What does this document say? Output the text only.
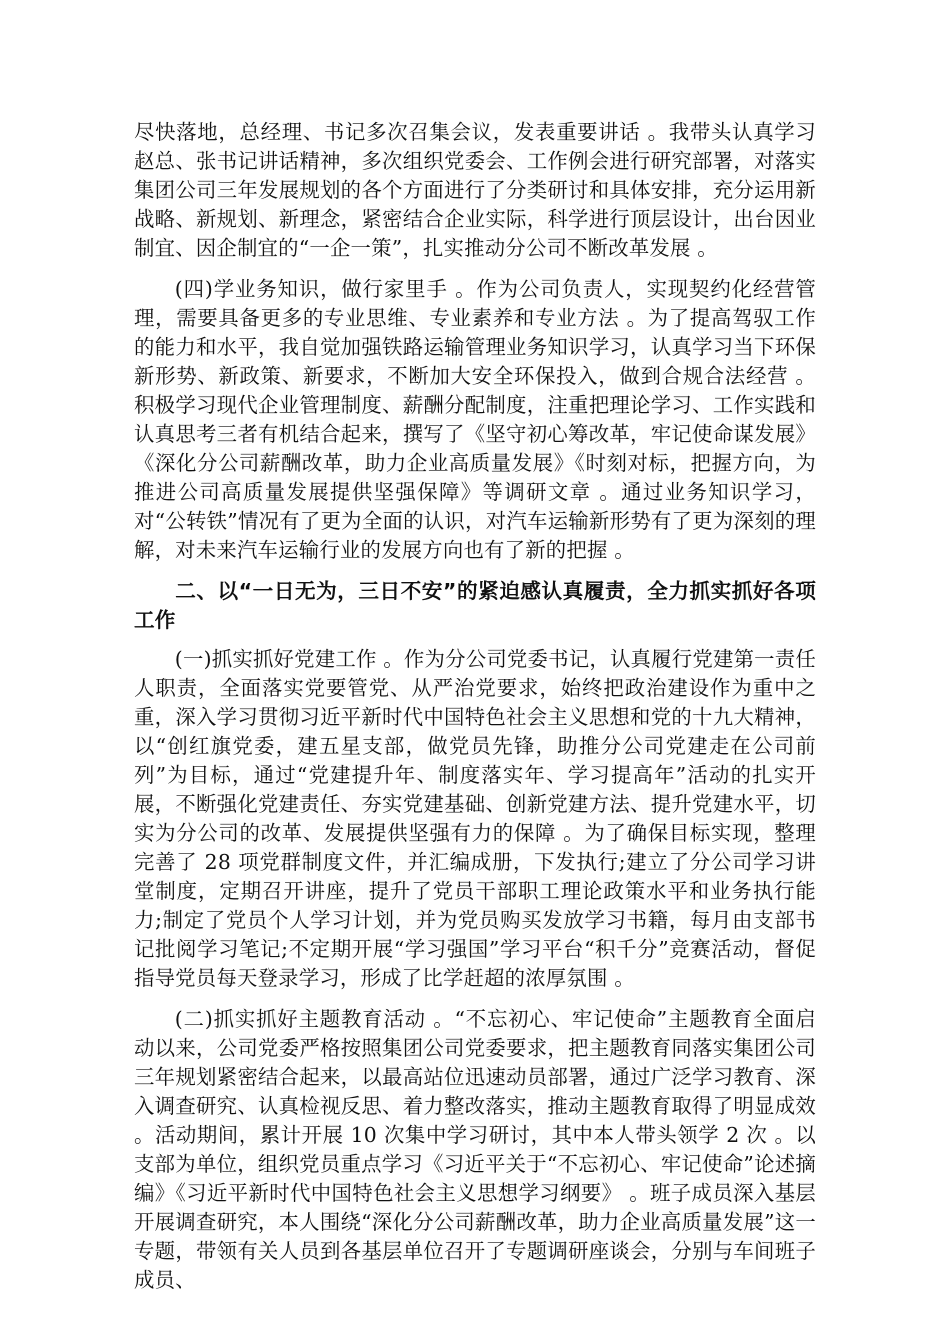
尽快落地，总经理、书记多次召集会议，发表重要讲话 。我带头认真学习赵总、张书记讲话精神，多次组织党委会、工作例会进行研究部署，对落实集团公司三年发展规划的各个方面进行了分类研讨和具体安排，充分运用新战略、新规划、新理念，紧密结合企业实际，科学进行顶层设计，出台因业制宜、因企制宜的“一企一策”，扎实推动分公司不断改革发展 。

(四)学业务知识，做行家里手 。作为公司负责人，实现契约化经营管理，需要具备更多的专业思维、专业素养和专业方法 。为了提高驾驭工作的能力和水平，我自觉加强铁路运输管理业务知识学习，认真学习当下环保新形势、新政策、新要求，不断加大安全环保投入，做到合规合法经营 。积极学习现代企业管理制度、薪酬分配制度，注重把理论学习、工作实践和认真思考三者有机结合起来，撰写了《坚守初心筹改革，牢记使命谋发展》《深化分公司薪酬改革，助力企业高质量发展》《时刻对标，把握方向，为推进公司高质量发展提供坚强保障》等调研文章 。通过业务知识学习，对“公转铁”情况有了更为全面的认识，对汽车运输新形势有了更为深刻的理解，对未来汽车运输行业的发展方向也有了新的把握 。

二、以“一日无为，三日不安”的紧迫感认真履责，全力抓实抓好各项工作

(一)抓实抓好党建工作 。作为分公司党委书记，认真履行党建第一责任人职责，全面落实党要管党、从严治党要求，始终把政治建设作为重中之重，深入学习贯彻习近平新时代中国特色社会主义思想和党的十九大精神，以“创红旗党委，建五星支部，做党员先锋，助推分公司党建走在公司前列”为目标，通过“党建提升年、制度落实年、学习提高年”活动的扎实开展，不断强化党建责任、夯实党建基础、创新党建方法、提升党建水平，切实为分公司的改革、发展提供坚强有力的保障 。为了确保目标实现，整理完善了 28 项党群制度文件，并汇编成册，下发执行;建立了分公司学习讲堂制度，定期召开讲座，提升了党员干部职工理论政策水平和业务执行能力;制定了党员个人学习计划，并为党员购买发放学习书籍，每月由支部书记批阅学习笔记;不定期开展“学习强国”学习平台“积千分”竞赛活动，督促指导党员每天登录学习，形成了比学赶超的浓厚氛围 。

(二)抓实抓好主题教育活动 。“不忘初心、牢记使命”主题教育全面启动以来，公司党委严格按照集团公司党委要求，把主题教育同落实集团公司三年规划紧密结合起来，以最高站位迅速动员部署，通过广泛学习教育、深入调查研究、认真检视反思、着力整改落实，推动主题教育取得了明显成效 。活动期间，累计开展 10 次集中学习研讨，其中本人带头领学 2 次 。以支部为单位，组织党员重点学习《习近平关于“不忘初心、牢记使命”论述摘编》《习近平新时代中国特色社会主义思想学习纲要》 。班子成员深入基层开展调查研究，本人围绕“深化分公司薪酬改革，助力企业高质量发展”这一专题，带领有关人员到各基层单位召开了专题调研座谈会，分别与车间班子成员、
